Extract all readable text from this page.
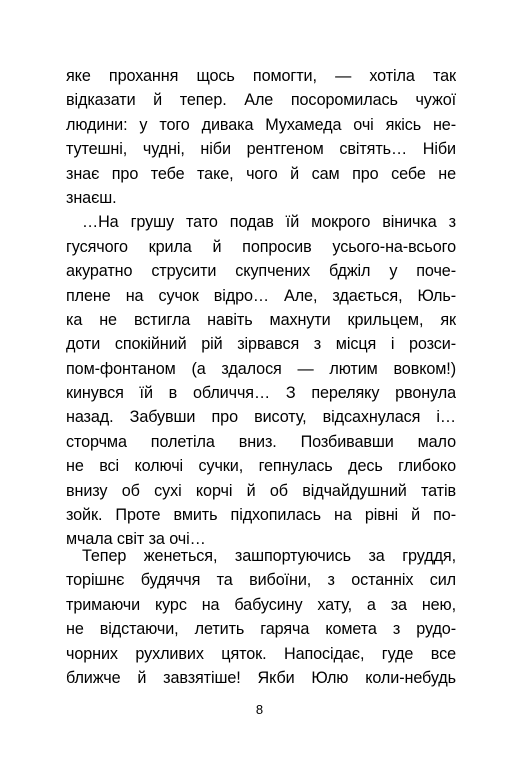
яке прохання щось помогти, — хотіла так
відказати й тепер. Але посоромилась чужої
людини: у того дивака Мухамеда очі якісь не-
тутешні, чудні, ніби рентгеном світять… Ніби
знає про тебе таке, чого й сам про себе не
знаєш.

…На грушу тато подав їй мокрого віничка з
гусячого крила й попросив усього-на-всього
акуратно струсити скупчених бджіл у поче-
плене на сучок відро… Але, здається, Юль-
ка не встигла навіть махнути крильцем, як
доти спокійний рій зірвався з місця і розси-
пом-фонтаном (а здалося — лютим вовком!)
кинувся їй в обличчя… З переляку рвонула
назад. Забувши про висоту, відсахнулася і…
сторчма полетіла вниз. Позбивавши мало
не всі колючі сучки, гепнулась десь глибоко
внизу об сухі корчі й об відчайдушний татів
зойк. Проте вмить підхопилась на рівні й по-
мчала світ за очі…

Тепер женеться, зашпортуючись за груддя,
торішнє будяччя та вибоїни, з останніх сил
тримаючи курс на бабусину хату, а за нею,
не відстаючи, летить гаряча комета з рудо-
чорних рухливих цяток. Напосідає, гуде все
ближче й завзятіше! Якби Юлю коли-небудь

8
